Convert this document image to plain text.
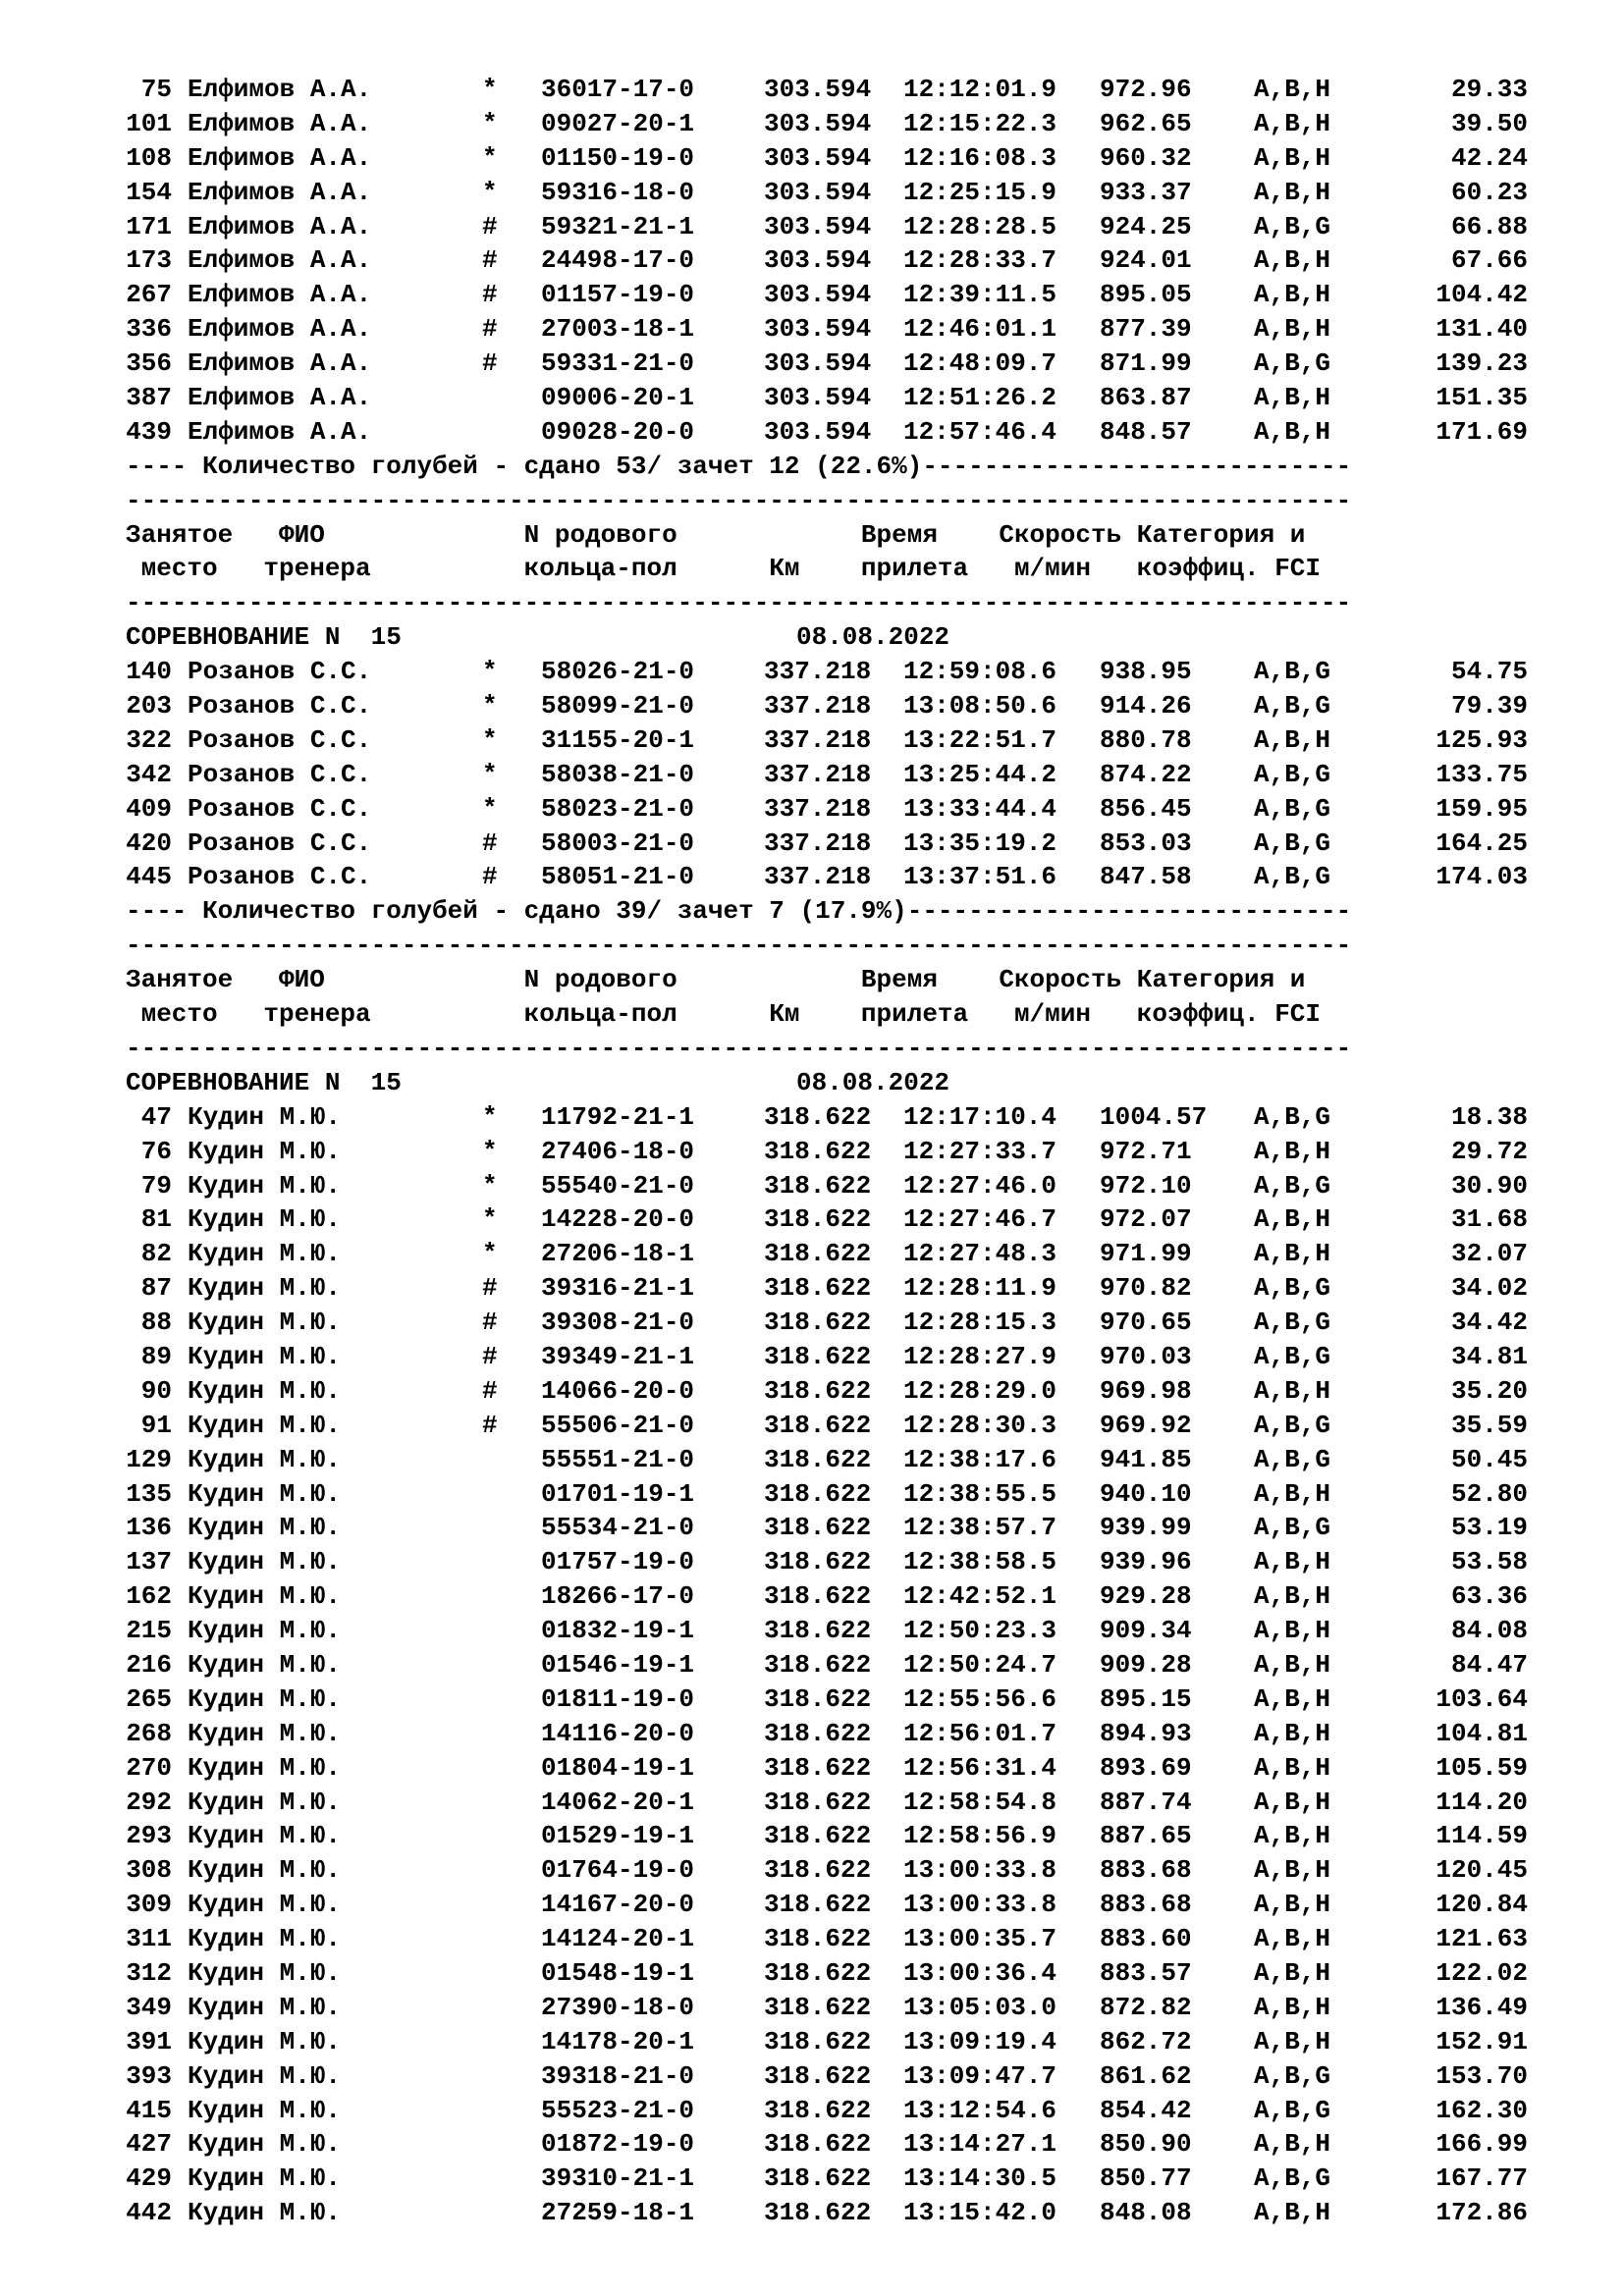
75 Елфимов А.А.	* 36017-17-0	303.594 12:12:01.9 972.96 A,B,H	29.33
101 Елфимов А.А.	* 09027-20-1	303.594 12:15:22.3 962.65 A,B,H	39.50
108 Елфимов А.А.	* 01150-19-0	303.594 12:16:08.3 960.32 A,B,H	42.24
154 Елфимов А.А.	* 59316-18-0	303.594 12:25:15.9 933.37 A,B,H	60.23
171 Елфимов А.А.	# 59321-21-1	303.594 12:28:28.5 924.25 A,B,G	66.88
173 Елфимов А.А.	# 24498-17-0	303.594 12:28:33.7 924.01 A,B,H	67.66
267 Елфимов А.А.	# 01157-19-0	303.594 12:39:11.5 895.05 A,B,H	104.42
336 Елфимов А.А.	# 27003-18-1	303.594 12:46:01.1 877.39 A,B,H	131.40
356 Елфимов А.А.	# 59331-21-0	303.594 12:48:09.7 871.99 A,B,G	139.23
387 Елфимов А.А.	09006-20-1	303.594 12:51:26.2 863.87 A,B,H	151.35
439 Елфимов А.А.	09028-20-0	303.594 12:57:46.4 848.57 A,B,H	171.69
---- Количество голубей - сдано 53/ зачет 12 (22.6%)----------------------------
--------------------------------------------------------------------------------
Занятое   ФИО             N родового            Время    Скорость Категория и
место   тренера          кольца-пол      Км    прилета   м/мин   коэффиц. FCI
--------------------------------------------------------------------------------
СОРЕВНОВАНИЕ N  15	08.08.2022
140 Розанов С.С.	* 58026-21-0	337.218 12:59:08.6 938.95 A,B,G	54.75
203 Розанов С.С.	* 58099-21-0	337.218 13:08:50.6 914.26 A,B,G	79.39
322 Розанов С.С.	* 31155-20-1	337.218 13:22:51.7 880.78 A,B,H	125.93
342 Розанов С.С.	* 58038-21-0	337.218 13:25:44.2 874.22 A,B,G	133.75
409 Розанов С.С.	* 58023-21-0	337.218 13:33:44.4 856.45 A,B,G	159.95
420 Розанов С.С.	# 58003-21-0	337.218 13:35:19.2 853.03 A,B,G	164.25
445 Розанов С.С.	# 58051-21-0	337.218 13:37:51.6 847.58 A,B,G	174.03
---- Количество голубей - сдано 39/ зачет 7 (17.9%)-----------------------------
--------------------------------------------------------------------------------
Занятое   ФИО             N родового            Время    Скорость Категория и
место   тренера          кольца-пол      Км    прилета   м/мин   коэффиц. FCI
--------------------------------------------------------------------------------
СОРЕВНОВАНИЕ N  15	08.08.2022
47 Кудин М.Ю.	* 11792-21-1	318.622 12:17:10.4 1004.57 A,B,G	18.38
76 Кудин М.Ю.	* 27406-18-0	318.622 12:27:33.7 972.71 A,B,H	29.72
79 Кудин М.Ю.	* 55540-21-0	318.622 12:27:46.0 972.10 A,B,G	30.90
81 Кудин М.Ю.	* 14228-20-0	318.622 12:27:46.7 972.07 A,B,H	31.68
82 Кудин М.Ю.	* 27206-18-1	318.622 12:27:48.3 971.99 A,B,H	32.07
87 Кудин М.Ю.	# 39316-21-1	318.622 12:28:11.9 970.82 A,B,G	34.02
88 Кудин М.Ю.	# 39308-21-0	318.622 12:28:15.3 970.65 A,B,G	34.42
89 Кудин М.Ю.	# 39349-21-1	318.622 12:28:27.9 970.03 A,B,G	34.81
90 Кудин М.Ю.	# 14066-20-0	318.622 12:28:29.0 969.98 A,B,H	35.20
91 Кудин М.Ю.	# 55506-21-0	318.622 12:28:30.3 969.92 A,B,G	35.59
129 Кудин М.Ю.	55551-21-0	318.622 12:38:17.6 941.85 A,B,G	50.45
135 Кудин М.Ю.	01701-19-1	318.622 12:38:55.5 940.10 A,B,H	52.80
136 Кудин М.Ю.	55534-21-0	318.622 12:38:57.7 939.99 A,B,G	53.19
137 Кудин М.Ю.	01757-19-0	318.622 12:38:58.5 939.96 A,B,H	53.58
162 Кудин М.Ю.	18266-17-0	318.622 12:42:52.1 929.28 A,B,H	63.36
215 Кудин М.Ю.	01832-19-1	318.622 12:50:23.3 909.34 A,B,H	84.08
216 Кудин М.Ю.	01546-19-1	318.622 12:50:24.7 909.28 A,B,H	84.47
265 Кудин М.Ю.	01811-19-0	318.622 12:55:56.6 895.15 A,B,H	103.64
268 Кудин М.Ю.	14116-20-0	318.622 12:56:01.7 894.93 A,B,H	104.81
270 Кудин М.Ю.	01804-19-1	318.622 12:56:31.4 893.69 A,B,H	105.59
292 Кудин М.Ю.	14062-20-1	318.622 12:58:54.8 887.74 A,B,H	114.20
293 Кудин М.Ю.	01529-19-1	318.622 12:58:56.9 887.65 A,B,H	114.59
308 Кудин М.Ю.	01764-19-0	318.622 13:00:33.8 883.68 A,B,H	120.45
309 Кудин М.Ю.	14167-20-0	318.622 13:00:33.8 883.68 A,B,H	120.84
311 Кудин М.Ю.	14124-20-1	318.622 13:00:35.7 883.60 A,B,H	121.63
312 Кудин М.Ю.	01548-19-1	318.622 13:00:36.4 883.57 A,B,H	122.02
349 Кудин М.Ю.	27390-18-0	318.622 13:05:03.0 872.82 A,B,H	136.49
391 Кудин М.Ю.	14178-20-1	318.622 13:09:19.4 862.72 A,B,H	152.91
393 Кудин М.Ю.	39318-21-0	318.622 13:09:47.7 861.62 A,B,G	153.70
415 Кудин М.Ю.	55523-21-0	318.622 13:12:54.6 854.42 A,B,G	162.30
427 Кудин М.Ю.	01872-19-0	318.622 13:14:27.1 850.90 A,B,H	166.99
429 Кудин М.Ю.	39310-21-1	318.622 13:14:30.5 850.77 A,B,G	167.77
442 Кудин М.Ю.	27259-18-1	318.622 13:15:42.0 848.08 A,B,H	172.86
